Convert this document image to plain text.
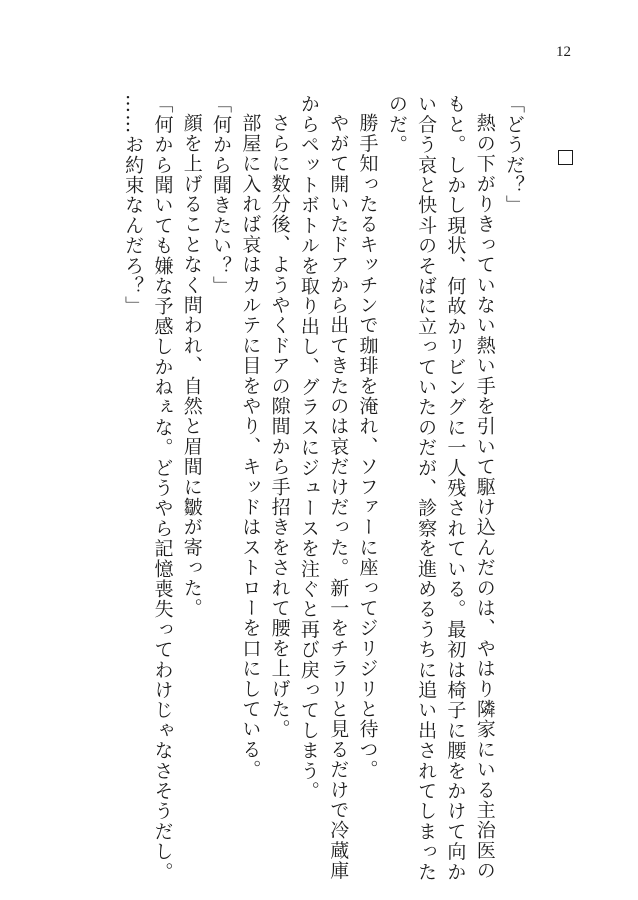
12
「どうだ？」
熱の下がりきっていない熱い手を引いて駆け込んだのは、やはり隣家にいる主治医の
もと。しかし現状、何故かリビングに一人残されている。最初は椅子に腰をかけて向か
い合う哀と快斗のそばに立っていたのだが、診察を進めるうちに追い出されてしまった
のだ。
勝手知ったるキッチンで珈琲を淹れ、ソファーに座ってジリジリと待つ。
やがて開いたドアから出てきたのは哀だけだった。新一をチラリと見るだけで冷蔵庫
からペットボトルを取り出し、グラスにジュースを注ぐと再び戻ってしまう。
さらに数分後、ようやくドアの隙間から手招きをされて腰を上げた。
部屋に入れば哀はカルテに目をやり、キッドはストローを口にしている。
「何から聞きたい？」
顔を上げることなく問われ、自然と眉間に皺が寄った。
「何から聞いても嫌な予感しかねぇな。どうやら記憶喪失ってわけじゃなさそうだし。
……お約束なんだろ？」
